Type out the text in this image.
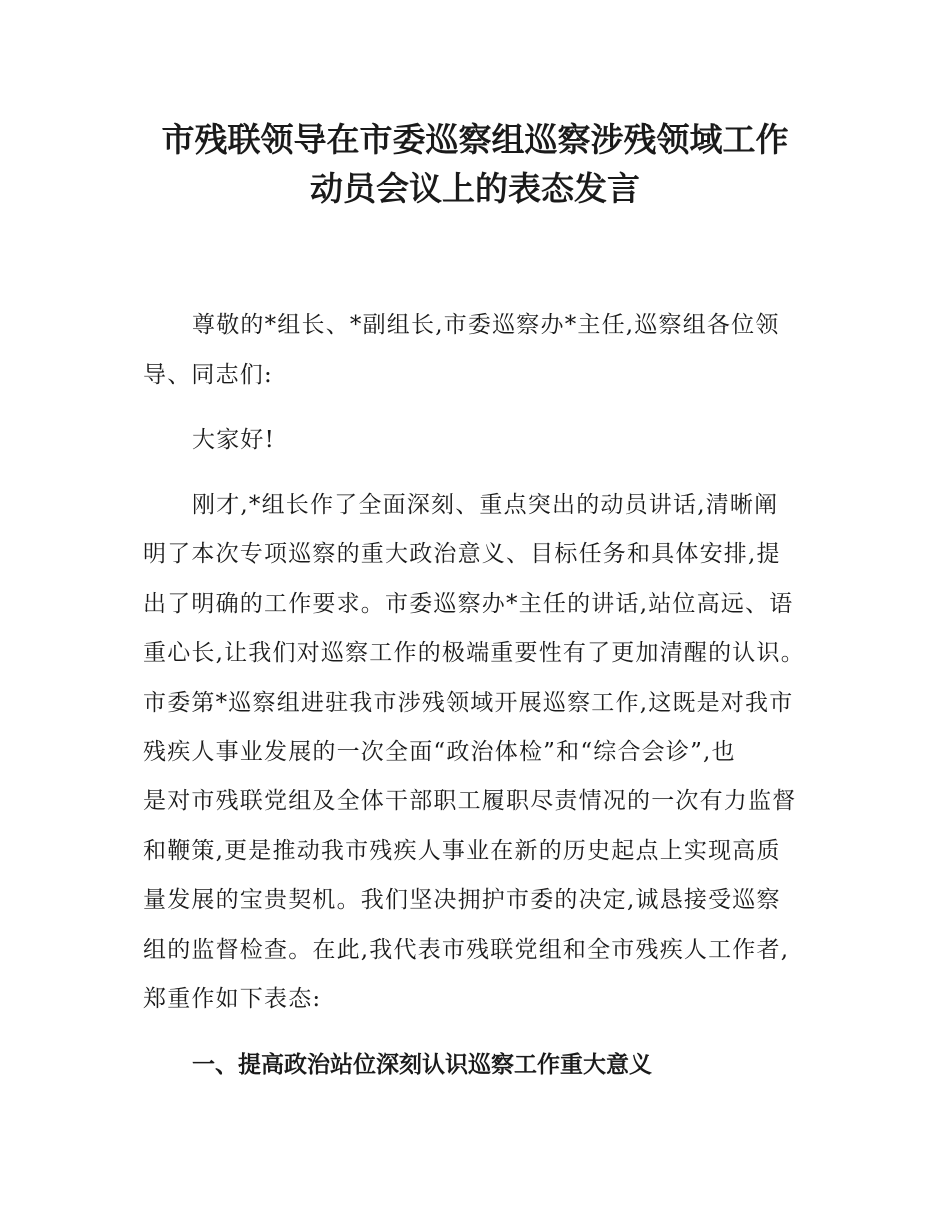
市残联领导在市委巡察组巡察涉残领域工作
动员会议上的表态发言

尊敬的*组长、*副组长,市委巡察办*主任,巡察组各位领

导、同志们:

大家好!

刚才,*组长作了全面深刻、重点突出的动员讲话,清晰阐

明了本次专项巡察的重大政治意义、目标任务和具体安排,提

出了明确的工作要求。市委巡察办*主任的讲话,站位高远、语

重心长,让我们对巡察工作的极端重要性有了更加清醒的认识。

市委第*巡察组进驻我市涉残领域开展巡察工作,这既是对我市

残疾人事业发展的一次全面“政治体检”和“综合会诊”,也

是对市残联党组及全体干部职工履职尽责情况的一次有力监督

和鞭策,更是推动我市残疾人事业在新的历史起点上实现高质

量发展的宝贵契机。我们坚决拥护市委的决定,诚恳接受巡察

组的监督检查。在此,我代表市残联党组和全市残疾人工作者,

郑重作如下表态:

一、提高政治站位深刻认识巡察工作重大意义
